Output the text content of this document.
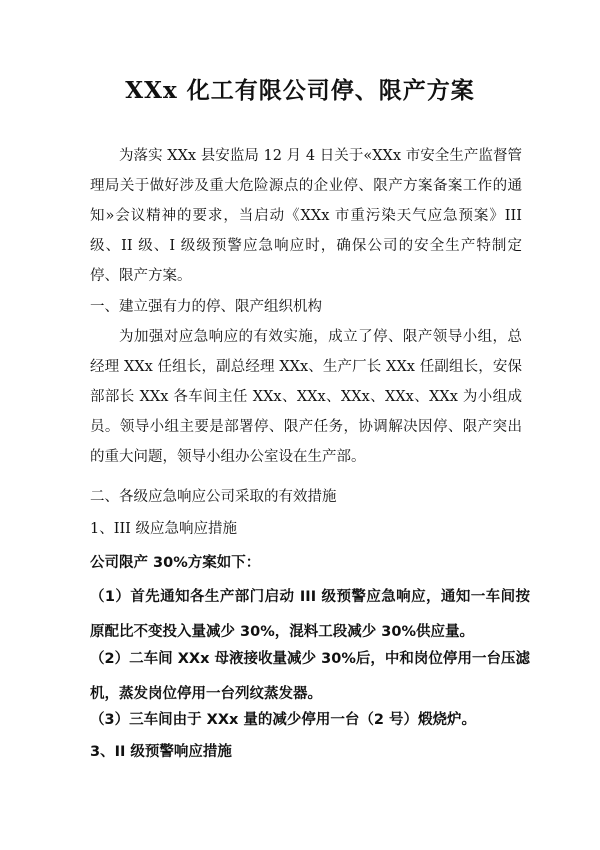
XXx 化工有限公司停、限产方案

为落实 XXx 县安监局 12 月 4 日关于«XXx 市安全生产监督管理局关于做好涉及重大危险源点的企业停、限产方案备案工作的通知»会议精神的要求，当启动《XXx 市重污染天气应急预案》III 级、II 级、I 级级预警应急响应时，确保公司的安全生产特制定停、限产方案。

一、建立强有力的停、限产组织机构

为加强对应急响应的有效实施，成立了停、限产领导小组，总经理 XXx 任组长，副总经理 XXx、生产厂长 XXx 任副组长，安保部部长 XXx 各车间主任 XXx、XXx、XXx、XXx、XXx 为小组成员。领导小组主要是部署停、限产任务，协调解决因停、限产突出的重大问题，领导小组办公室设在生产部。

二、各级应急响应公司采取的有效措施

1、III 级应急响应措施

公司限产 30%方案如下：

（1）首先通知各生产部门启动 III 级预警应急响应，通知一车间按原配比不变投入量减少 30%，混料工段减少 30%供应量。

（2）二车间 XXx 母液接收量减少 30%后，中和岗位停用一台压滤机，蒸发岗位停用一台列纹蒸发器。

（3）三车间由于 XXx 量的减少停用一台（2 号）煅烧炉。

3、II 级预警响应措施
